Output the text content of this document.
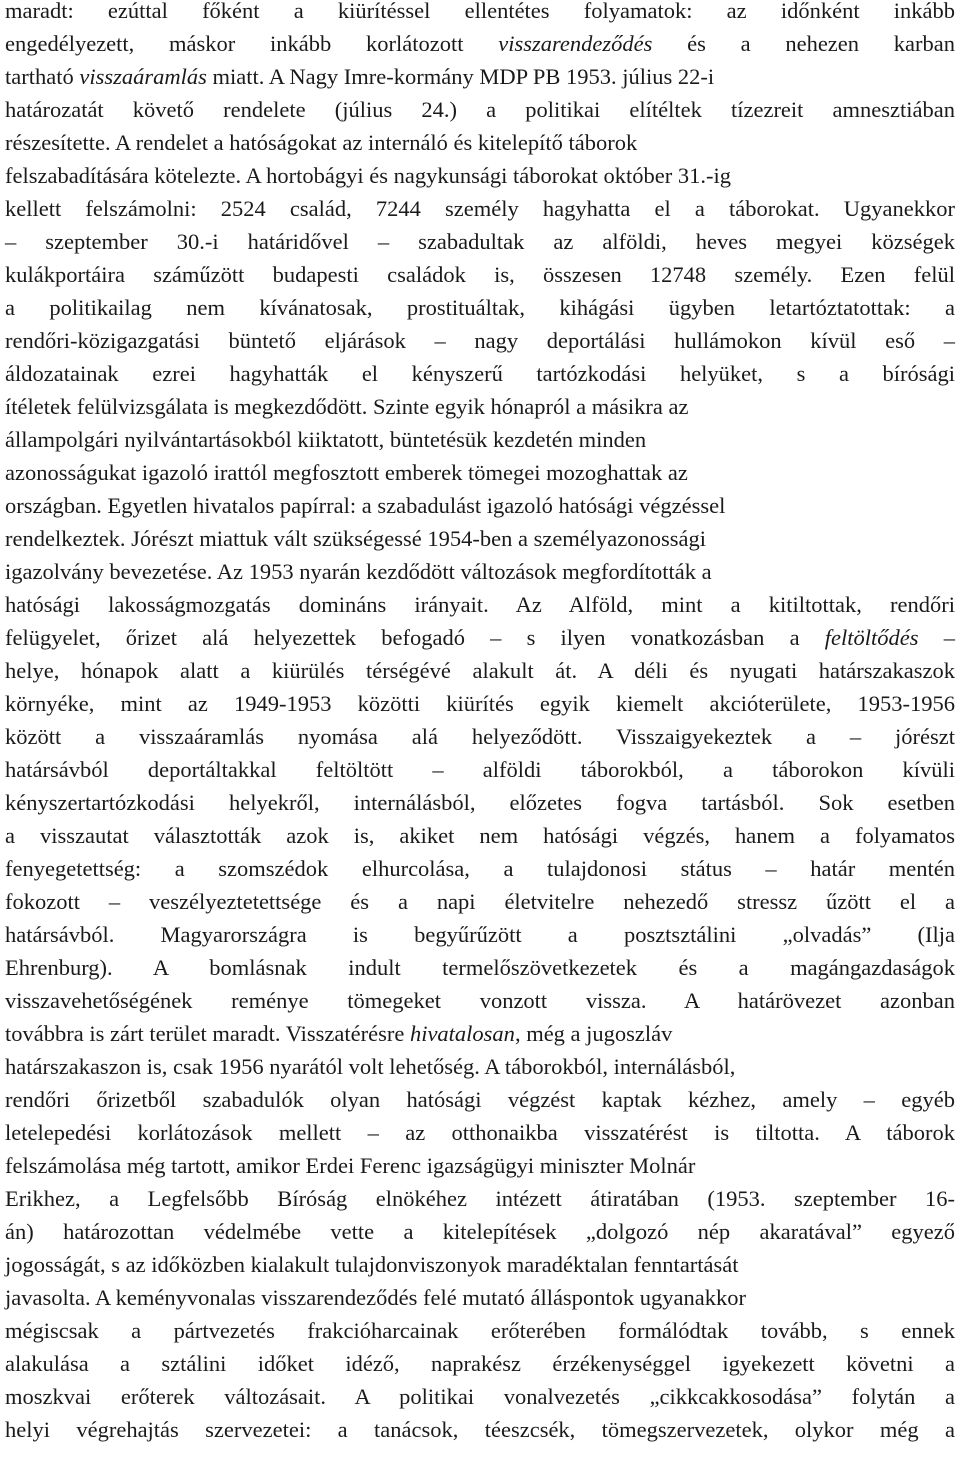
maradt: ezúttal főként a kiürítéssel ellentétes folyamatok: az időnként inkább
engedélyezett, máskor inkább korlátozott visszarendeződés és a nehezen karban
tartható visszaáramlás miatt. A Nagy Imre-kormány MDP PB 1953. július 22-i
határozatát követő rendelete (július 24.) a politikai elítéltek tízezreit amnesztiában
részesítette. A rendelet a hatóságokat az internáló és kitelepítő táborok
felszabadítására kötelezte. A hortobágyi és nagykunsági táborokat október 31.-ig
kellett felszámolni: 2524 család, 7244 személy hagyhatta el a táborokat. Ugyanekkor
– szeptember 30.-i határidővel – szabadultak az alföldi, heves megyei községek
kulákportáira száműzött budapesti családok is, összesen 12748 személy. Ezen felül
a politikailag nem kívánatosak, prostituáltak, kihágási ügyben letartóztatottak: a
rendőri-közigazgatási büntető eljárások – nagy deportálási hullámokon kívül eső –
áldozatainak ezrei hagyhatták el kényszerű tartózkodási helyüket, s a bírósági
ítéletek felülvizsgálata is megkezdődött. Szinte egyik hónapról a másikra az
állampolgári nyilvántartásokból kiiktatott, büntetésük kezdetén minden
azonosságukat igazoló irattól megfosztott emberek tömegei mozoghattak az
országban. Egyetlen hivatalos papírral: a szabadulást igazoló hatósági végzéssel
rendelkeztek. Jórészt miattuk vált szükségessé 1954-ben a személyazonossági
igazolvány bevezetése. Az 1953 nyarán kezdődött változások megfordították a
hatósági lakosságmozgatás domináns irányait. Az Alföld, mint a kitiltottak, rendőri
felügyelet, őrizet alá helyezettek befogadó – s ilyen vonatkozásban a feltöltődés –
helye, hónapok alatt a kiürülés térségévé alakult át. A déli és nyugati határszakaszok
környéke, mint az 1949-1953 közötti kiürítés egyik kiemelt akcióterülete, 1953-1956
között a visszaáramlás nyomása alá helyeződött. Visszaigyekeztek a – jórészt
határsávból deportáltakkal feltöltött – alföldi táborokból, a táborokon kívüli
kényszertartózkodási helyekről, internálásból, előzetes fogva tartásból. Sok esetben
a visszautat választották azok is, akiket nem hatósági végzés, hanem a folyamatos
fenyegetettség: a szomszédok elhurcolása, a tulajdonosi státus – határ mentén
fokozott – veszélyeztetettsége és a napi életvitelre nehezedő stressz űzött el a
határsávból. Magyarországra is begyűrűzött a posztsztálini „olvadás” (Ilja
Ehrenburg). A bomlásnak indult termelőszövetkezetek és a magángazdaságok
visszavehetőségének reménye tömegeket vonzott vissza. A határövezet azonban
továbbra is zárt terület maradt. Visszatérésre hivatalosan, még a jugoszláv
határszakaszon is, csak 1956 nyarától volt lehetőség. A táborokból, internálásból,
rendőri őrizetből szabadulók olyan hatósági végzést kaptak kézhez, amely – egyéb
letelepedési korlátozások mellett – az otthonaikba visszatérést is tiltotta. A táborok
felszámolása még tartott, amikor Erdei Ferenc igazságügyi miniszter Molnár
Erikhez, a Legfelsőbb Bíróság elnökéhez intézett átiratában (1953. szeptember 16-
án) határozottan védelmébe vette a kitelepítések „dolgozó nép akaratával” egyező
jogosságát, s az időközben kialakult tulajdonviszonyok maradéktalan fenntartását
javasolta. A keményvonalas visszarendeződés felé mutató álláspontok ugyanakkor
mégiscsak a pártvezetés frakcióharcainak erőterében formálódtak tovább, s ennek
alakulása a sztálini időket idéző, naprakész érzékenységgel igyekezett követni a
moszkvai erőterek változásait. A politikai vonalvezetés „cikkcakkosodása” folytán a
helyi végrehajtás szervezetei: a tanácsok, téeszcsék, tömegszervezetek, olykor még a
